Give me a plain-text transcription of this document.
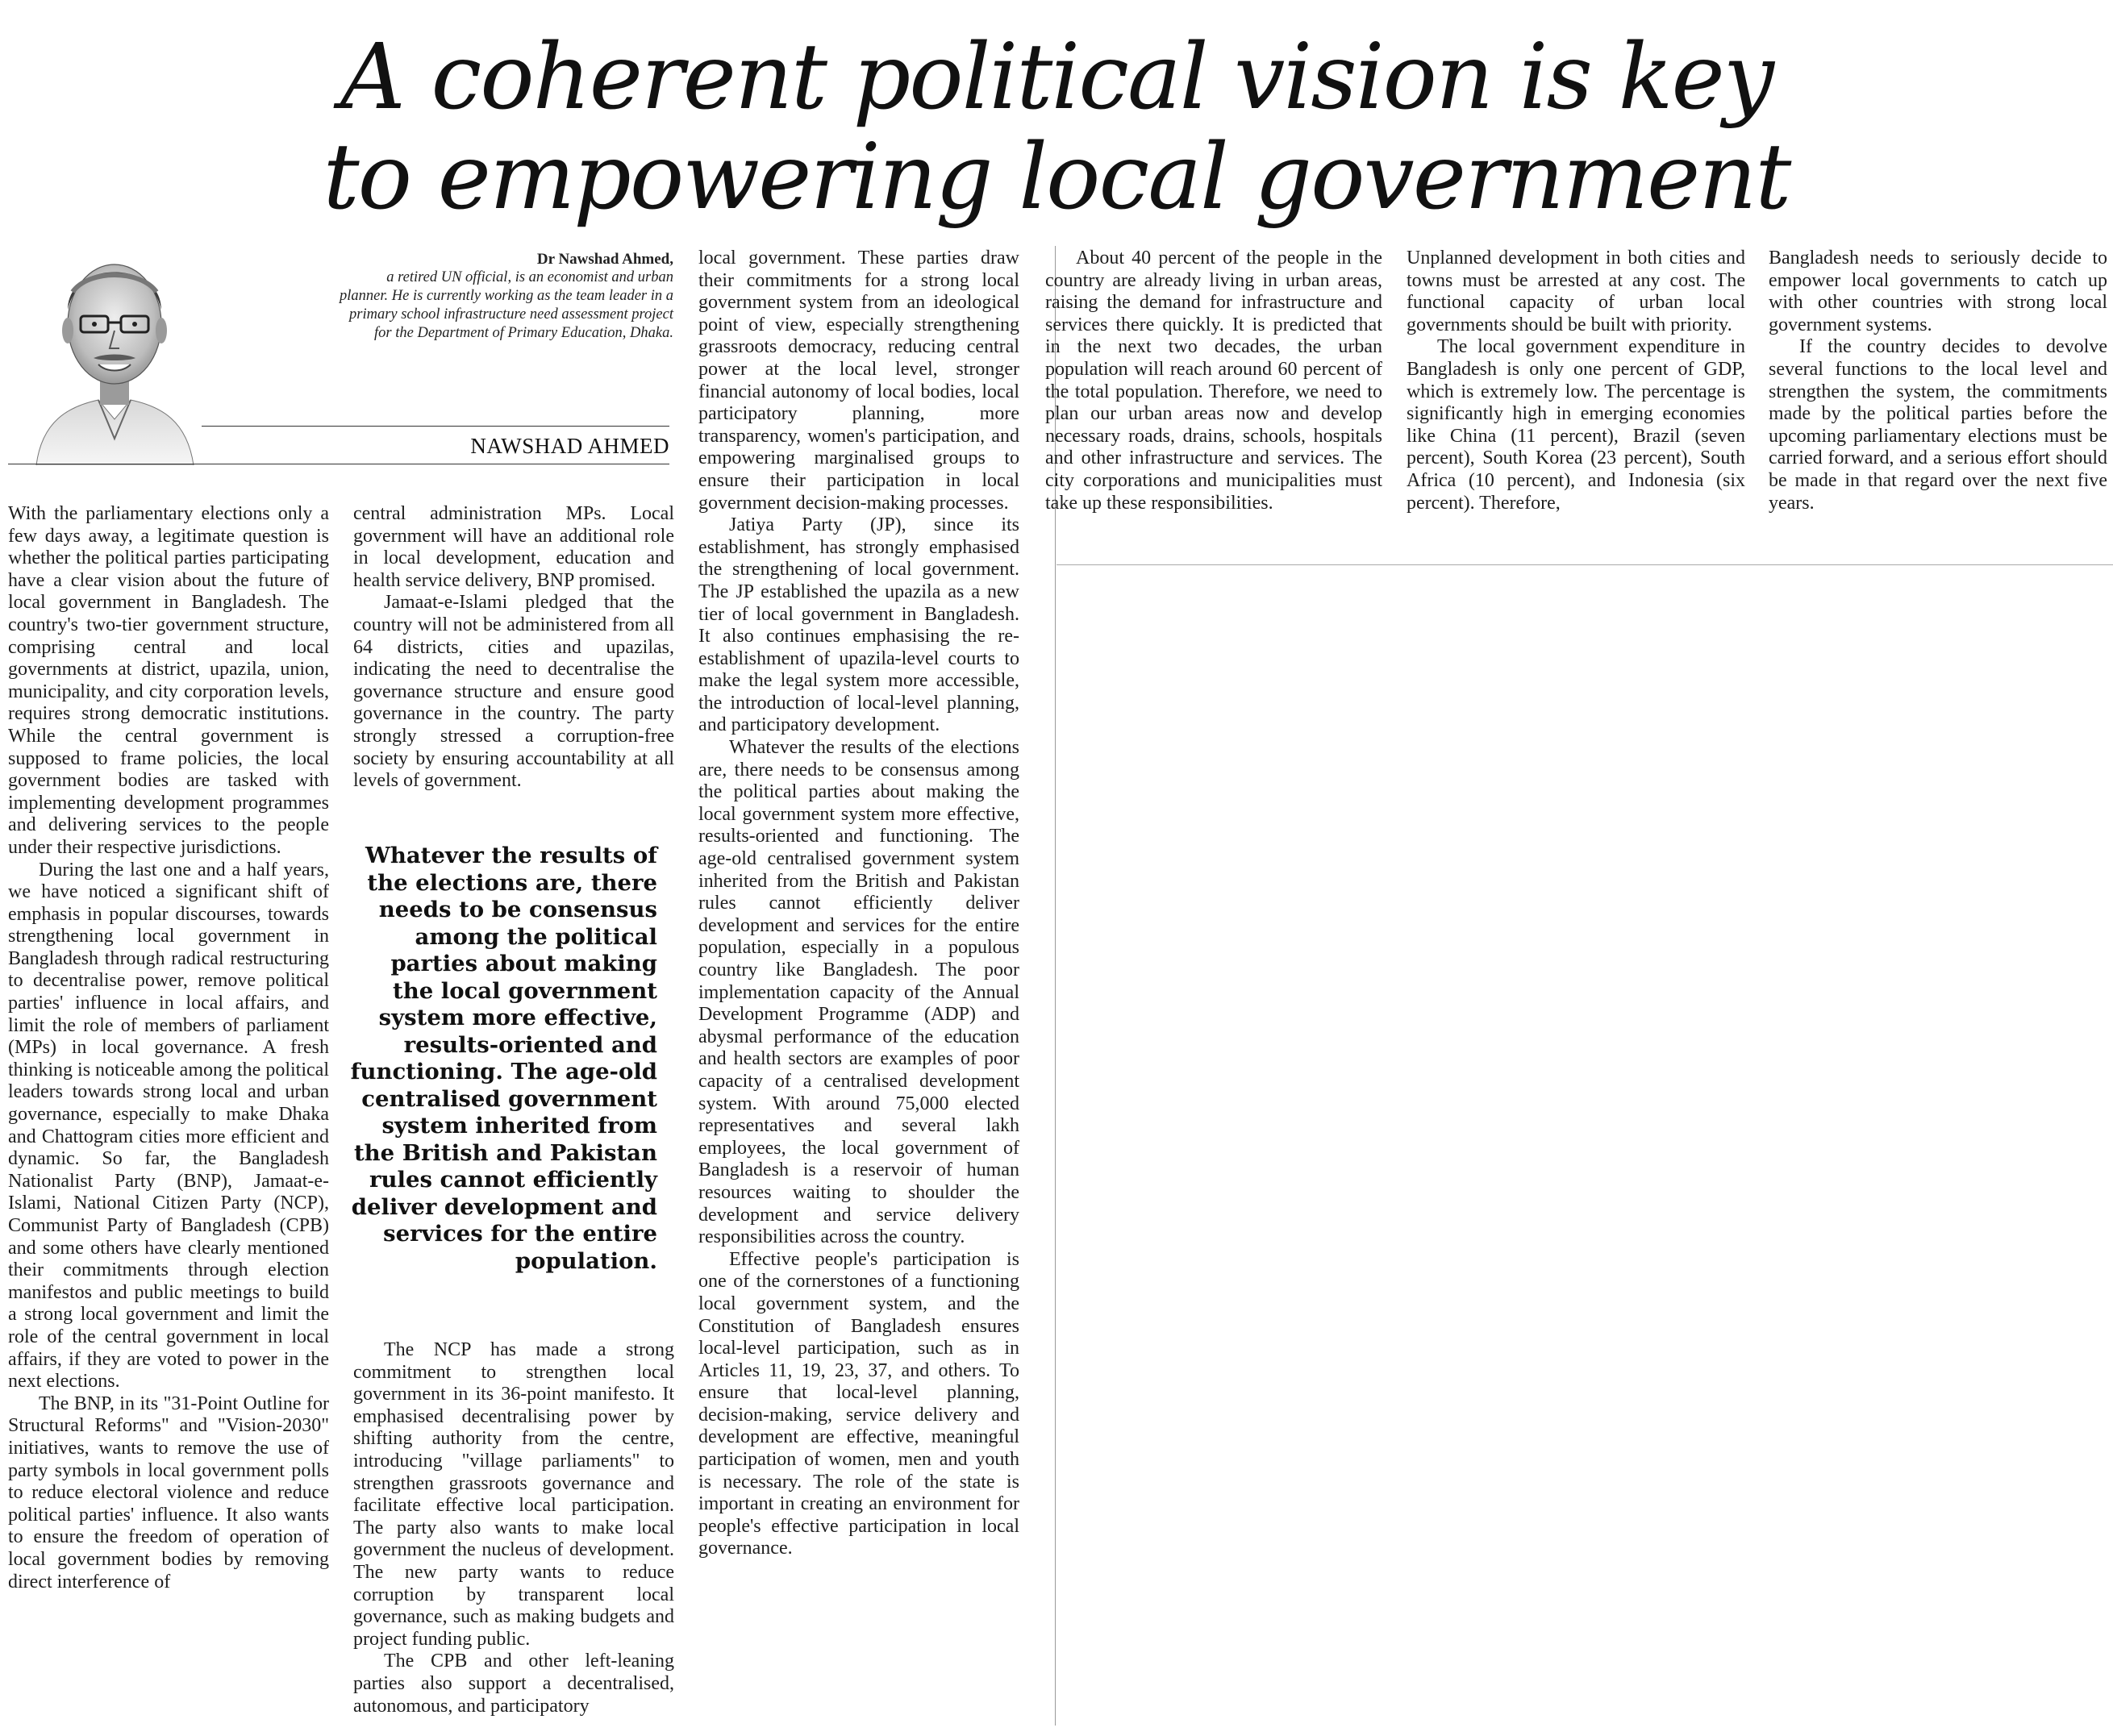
A coherent political vision is key
to empowering local government
Dr Nawshad Ahmed,
a retired UN official, is an economist and urban planner. He is currently working as the team leader in a primary school infrastructure need assessment project for the Department of Primary Education, Dhaka.
NAWSHAD AHMED

With the parliamentary elections only a few days away, a legitimate question is whether the political parties participating have a clear vision about the future of local government in Bangladesh. The country's two-tier government structure, comprising central and local governments at district, upazila, union, municipality, and city corporation levels, requires strong democratic institutions. While the central government is supposed to frame policies, the local government bodies are tasked with implementing development programmes and delivering services to the people under their respective jurisdictions.

During the last one and a half years, we have noticed a significant shift of emphasis in popular discourses, towards strengthening local government in Bangladesh through radical restructuring to decentralise power, remove political parties' influence in local affairs, and limit the role of members of parliament (MPs) in local governance. A fresh thinking is noticeable among the political leaders towards strong local and urban governance, especially to make Dhaka and Chattogram cities more efficient and dynamic. So far, the Bangladesh Nationalist Party (BNP), Jamaat-e-Islami, National Citizen Party (NCP), Communist Party of Bangladesh (CPB) and some others have clearly mentioned their commitments through election manifestos and public meetings to build a strong local government and limit the role of the central government in local affairs, if they are voted to power in the next elections.

The BNP, in its "31-Point Outline for Structural Reforms" and "Vision-2030" initiatives, wants to remove the use of party symbols in local government polls to reduce electoral violence and reduce political parties' influence. It also wants to ensure the freedom of operation of local government bodies by removing direct interference of

central administration MPs. Local government will have an additional role in local development, education and health service delivery, BNP promised.

Jamaat-e-Islami pledged that the country will not be administered from all 64 districts, cities and upazilas, indicating the need to decentralise the governance structure and ensure good governance in the country. The party strongly stressed a corruption-free society by ensuring accountability at all levels of government.

Whatever the results of the elections are, there needs to be consensus among the political parties about making the local government system more effective, results-oriented and functioning. The age-old centralised government system inherited from the British and Pakistan rules cannot efficiently deliver development and services for the entire population.

The NCP has made a strong commitment to strengthen local government in its 36-point manifesto. It emphasised decentralising power by shifting authority from the centre, introducing "village parliaments" to strengthen grassroots governance and facilitate effective local participation. The party also wants to make local government the nucleus of development. The new party wants to reduce corruption by transparent local governance, such as making budgets and project funding public.

The CPB and other left-leaning parties also support a decentralised, autonomous, and participatory

local government. These parties draw their commitments for a strong local government system from an ideological point of view, especially strengthening grassroots democracy, reducing central power at the local level, stronger financial autonomy of local bodies, local participatory planning, more transparency, women's participation, and empowering marginalised groups to ensure their participation in local government decision-making processes.

Jatiya Party (JP), since its establishment, has strongly emphasised the strengthening of local government. The JP established the upazila as a new tier of local government in Bangladesh. It also continues emphasising the re-establishment of upazila-level courts to make the legal system more accessible, the introduction of local-level planning, and participatory development.

Whatever the results of the elections are, there needs to be consensus among the political parties about making the local government system more effective, results-oriented and functioning. The age-old centralised government system inherited from the British and Pakistan rules cannot efficiently deliver development and services for the entire population, especially in a populous country like Bangladesh. The poor implementation capacity of the Annual Development Programme (ADP) and abysmal performance of the education and health sectors are examples of poor capacity of a centralised development system. With around 75,000 elected representatives and several lakh employees, the local government of Bangladesh is a reservoir of human resources waiting to shoulder the development and service delivery responsibilities across the country.

Effective people's participation is one of the cornerstones of a functioning local government system, and the Constitution of Bangladesh ensures local-level participation, such as in Articles 11, 19, 23, 37, and others. To ensure that local-level planning, decision-making, service delivery and development are effective, meaningful participation of women, men and youth is necessary. The role of the state is important in creating an environment for people's effective participation in local governance.

About 40 percent of the people in the country are already living in urban areas, raising the demand for infrastructure and services there quickly. It is predicted that in the next two decades, the urban population will reach around 60 percent of the total population. Therefore, we need to plan our urban areas now and develop necessary roads, drains, schools, hospitals and other infrastructure and services. The city corporations and municipalities must take up these responsibilities.

Unplanned development in both cities and towns must be arrested at any cost. The functional capacity of urban local governments should be built with priority.

The local government expenditure in Bangladesh is only one percent of GDP, which is extremely low. The percentage is significantly high in emerging economies like China (11 percent), Brazil (seven percent), South Korea (23 percent), South Africa (10 percent), and Indonesia (six percent). Therefore,

Bangladesh needs to seriously decide to empower local governments to catch up with other countries with strong local government systems.

If the country decides to devolve several functions to the local level and strengthen the system, the commitments made by the political parties before the upcoming parliamentary elections must be carried forward, and a serious effort should be made in that regard over the next five years.
